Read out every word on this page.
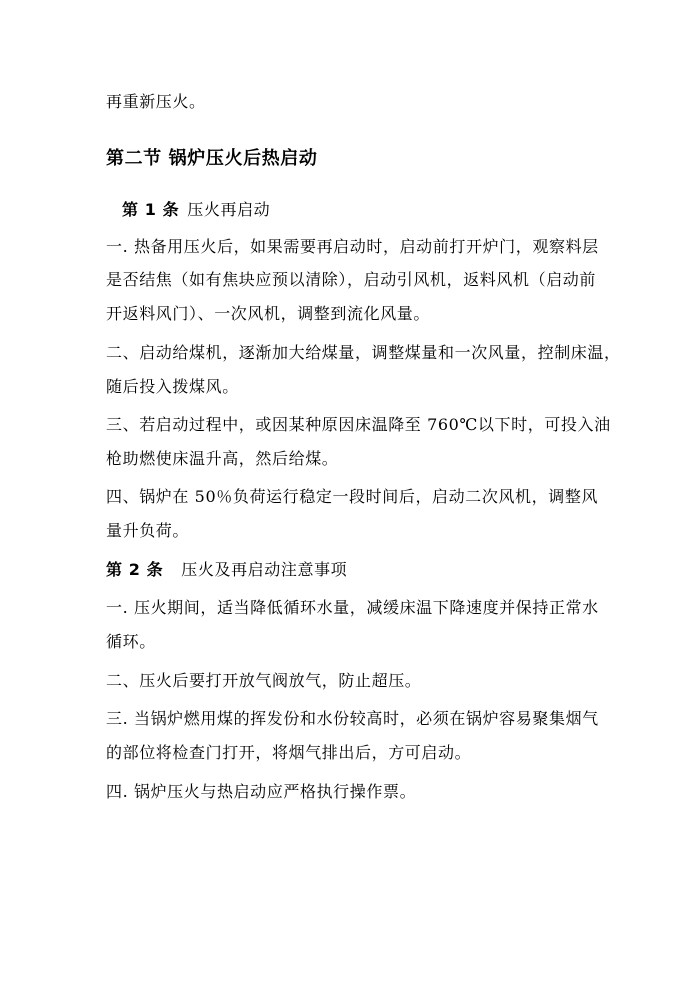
再重新压火。
第二节 锅炉压火后热启动
第 1 条 压火再启动
一. 热备用压火后，如果需要再启动时，启动前打开炉门，观察料层
是否结焦（如有焦块应预以清除），启动引风机，返料风机（启动前
开返料风门）、一次风机，调整到流化风量。
二、启动给煤机，逐渐加大给煤量，调整煤量和一次风量，控制床温，
随后投入拨煤风。
三、若启动过程中，或因某种原因床温降至 760℃以下时，可投入油
枪助燃使床温升高，然后给煤。
四、锅炉在 50％负荷运行稳定一段时间后，启动二次风机，调整风
量升负荷。
第 2 条 压火及再启动注意事项
一. 压火期间，适当降低循环水量，减缓床温下降速度并保持正常水
循环。
二、压火后要打开放气阀放气，防止超压。
三. 当锅炉燃用煤的挥发份和水份较高时，必须在锅炉容易聚集烟气
的部位将检查门打开，将烟气排出后，方可启动。
四. 锅炉压火与热启动应严格执行操作票。
